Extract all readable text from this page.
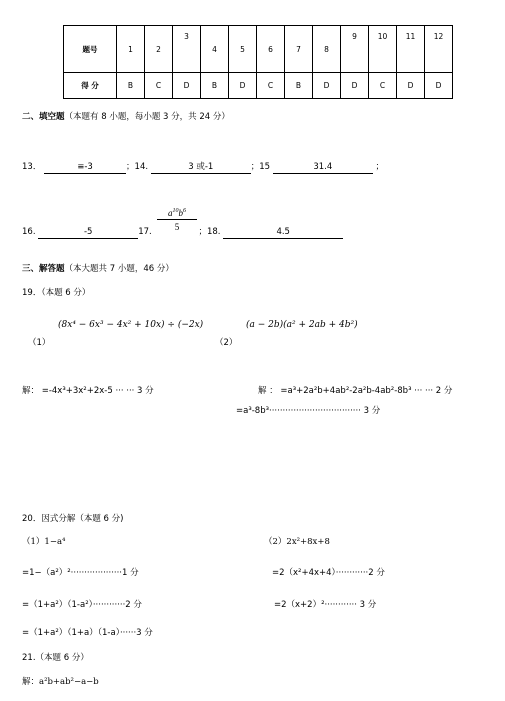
题号	1	2	3	4	5	6	7	8	9	10	11	12
得 分	B	C	D	B	D	C	B	D	D	C	D	D
二、填空题（本题有 8 小题，每小题 3 分，共 24 分）
13．	≡-3	；14.	3 或-1	；15	31.4	；
16.	-5	17.	；18.	4.5
$\frac{a^{10}b^6}{5}$
三、解答题（本大题共 7 小题，46 分）
19．（本题 6 分）
（1）
(8x⁴ − 6x³ − 4x² + 10x) ÷ (−2x)
（2）
(a − 2b)(a² + 2ab + 4b²)
解： =-4x³+3x²+2x-5 ··· ··· 3 分	解 ： =a³+2a²b+4ab²-2a²b-4ab²-8b³ ··· ··· 2 分
=a³-8b³·································· 3 分
20．因式分解（本题 6 分)
（1）1−a⁴	（2）2x²+8x+8
=1−（a²）²···················1 分	=2（x²+4x+4）············2 分
=（1+a²）（1-a²）············2 分	=2（x+2）²············ 3 分
=（1+a²）（1+a）（1-a）······3 分
21.（本题 6 分）
解：a²b+ab²−a−b
